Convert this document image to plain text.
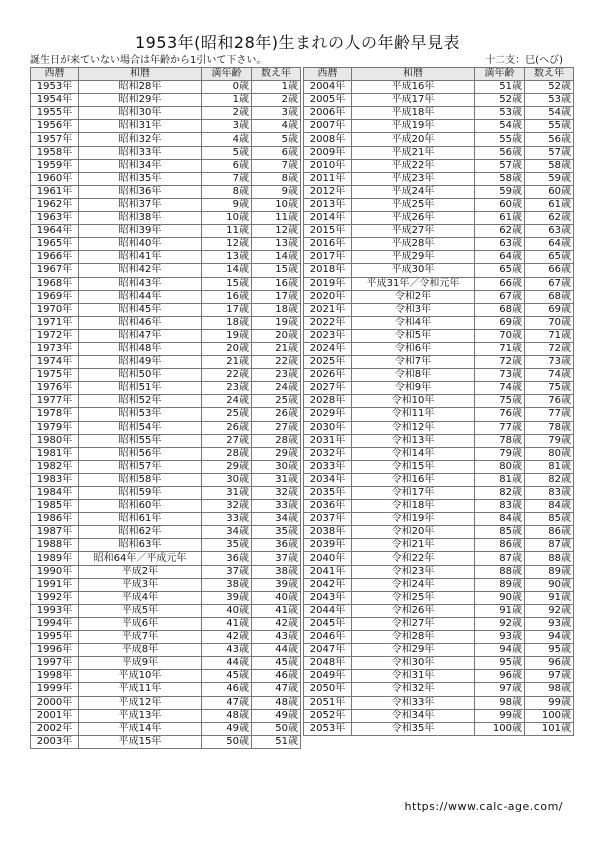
1953年(昭和28年)生まれの人の年齢早見表
誕生日が来ていない場合は年齢から1引いて下さい。	十二支：巳(へび)
西暦	和暦	満年齢	数え年
1953年	昭和28年	0歳	1歳
1954年	昭和29年	1歳	2歳
1955年	昭和30年	2歳	3歳
1956年	昭和31年	3歳	4歳
1957年	昭和32年	4歳	5歳
1958年	昭和33年	5歳	6歳
1959年	昭和34年	6歳	7歳
1960年	昭和35年	7歳	8歳
1961年	昭和36年	8歳	9歳
1962年	昭和37年	9歳	10歳
1963年	昭和38年	10歳	11歳
1964年	昭和39年	11歳	12歳
1965年	昭和40年	12歳	13歳
1966年	昭和41年	13歳	14歳
1967年	昭和42年	14歳	15歳
1968年	昭和43年	15歳	16歳
1969年	昭和44年	16歳	17歳
1970年	昭和45年	17歳	18歳
1971年	昭和46年	18歳	19歳
1972年	昭和47年	19歳	20歳
1973年	昭和48年	20歳	21歳
1974年	昭和49年	21歳	22歳
1975年	昭和50年	22歳	23歳
1976年	昭和51年	23歳	24歳
1977年	昭和52年	24歳	25歳
1978年	昭和53年	25歳	26歳
1979年	昭和54年	26歳	27歳
1980年	昭和55年	27歳	28歳
1981年	昭和56年	28歳	29歳
1982年	昭和57年	29歳	30歳
1983年	昭和58年	30歳	31歳
1984年	昭和59年	31歳	32歳
1985年	昭和60年	32歳	33歳
1986年	昭和61年	33歳	34歳
1987年	昭和62年	34歳	35歳
1988年	昭和63年	35歳	36歳
1989年	昭和64年／平成元年	36歳	37歳
1990年	平成2年	37歳	38歳
1991年	平成3年	38歳	39歳
1992年	平成4年	39歳	40歳
1993年	平成5年	40歳	41歳
1994年	平成6年	41歳	42歳
1995年	平成7年	42歳	43歳
1996年	平成8年	43歳	44歳
1997年	平成9年	44歳	45歳
1998年	平成10年	45歳	46歳
1999年	平成11年	46歳	47歳
2000年	平成12年	47歳	48歳
2001年	平成13年	48歳	49歳
2002年	平成14年	49歳	50歳
2003年	平成15年	50歳	51歳
西暦	和暦	満年齢	数え年
2004年	平成16年	51歳	52歳
2005年	平成17年	52歳	53歳
2006年	平成18年	53歳	54歳
2007年	平成19年	54歳	55歳
2008年	平成20年	55歳	56歳
2009年	平成21年	56歳	57歳
2010年	平成22年	57歳	58歳
2011年	平成23年	58歳	59歳
2012年	平成24年	59歳	60歳
2013年	平成25年	60歳	61歳
2014年	平成26年	61歳	62歳
2015年	平成27年	62歳	63歳
2016年	平成28年	63歳	64歳
2017年	平成29年	64歳	65歳
2018年	平成30年	65歳	66歳
2019年	平成31年／令和元年	66歳	67歳
2020年	令和2年	67歳	68歳
2021年	令和3年	68歳	69歳
2022年	令和4年	69歳	70歳
2023年	令和5年	70歳	71歳
2024年	令和6年	71歳	72歳
2025年	令和7年	72歳	73歳
2026年	令和8年	73歳	74歳
2027年	令和9年	74歳	75歳
2028年	令和10年	75歳	76歳
2029年	令和11年	76歳	77歳
2030年	令和12年	77歳	78歳
2031年	令和13年	78歳	79歳
2032年	令和14年	79歳	80歳
2033年	令和15年	80歳	81歳
2034年	令和16年	81歳	82歳
2035年	令和17年	82歳	83歳
2036年	令和18年	83歳	84歳
2037年	令和19年	84歳	85歳
2038年	令和20年	85歳	86歳
2039年	令和21年	86歳	87歳
2040年	令和22年	87歳	88歳
2041年	令和23年	88歳	89歳
2042年	令和24年	89歳	90歳
2043年	令和25年	90歳	91歳
2044年	令和26年	91歳	92歳
2045年	令和27年	92歳	93歳
2046年	令和28年	93歳	94歳
2047年	令和29年	94歳	95歳
2048年	令和30年	95歳	96歳
2049年	令和31年	96歳	97歳
2050年	令和32年	97歳	98歳
2051年	令和33年	98歳	99歳
2052年	令和34年	99歳	100歳
2053年	令和35年	100歳	101歳
https://www.calc-age.com/
